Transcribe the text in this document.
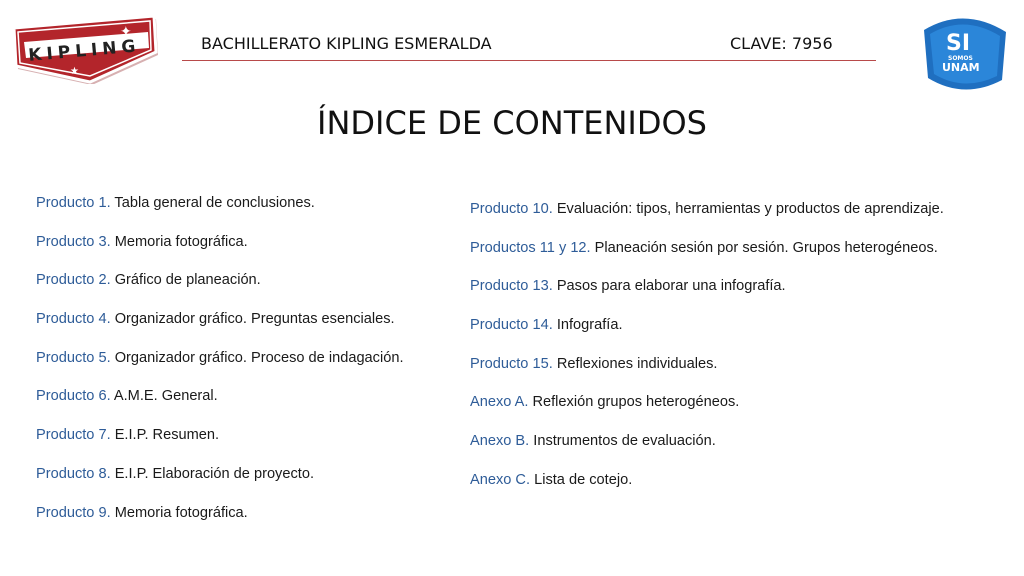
KIPLING
✦
★
BACHILLERATO KIPLING ESMERALDA	CLAVE: 7956	SI
SOMOS
UNAM
ÍNDICE DE CONTENIDOS
Producto 1. Tabla general de conclusiones.
Producto 3. Memoria fotográfica.
Producto 2. Gráfico de planeación.
Producto 4. Organizador gráfico. Preguntas esenciales.
Producto 5. Organizador gráfico. Proceso de indagación.
Producto 6. A.M.E. General.
Producto 7. E.I.P. Resumen.
Producto 8. E.I.P. Elaboración de proyecto.
Producto 9. Memoria fotográfica.
Producto 10. Evaluación: tipos, herramientas y productos de aprendizaje.
Productos 11 y 12. Planeación sesión por sesión. Grupos heterogéneos.
Producto 13. Pasos para elaborar una infografía.
Producto 14. Infografía.
Producto 15. Reflexiones individuales.
Anexo A. Reflexión grupos heterogéneos.
Anexo B. Instrumentos de evaluación.
Anexo C. Lista de cotejo.
